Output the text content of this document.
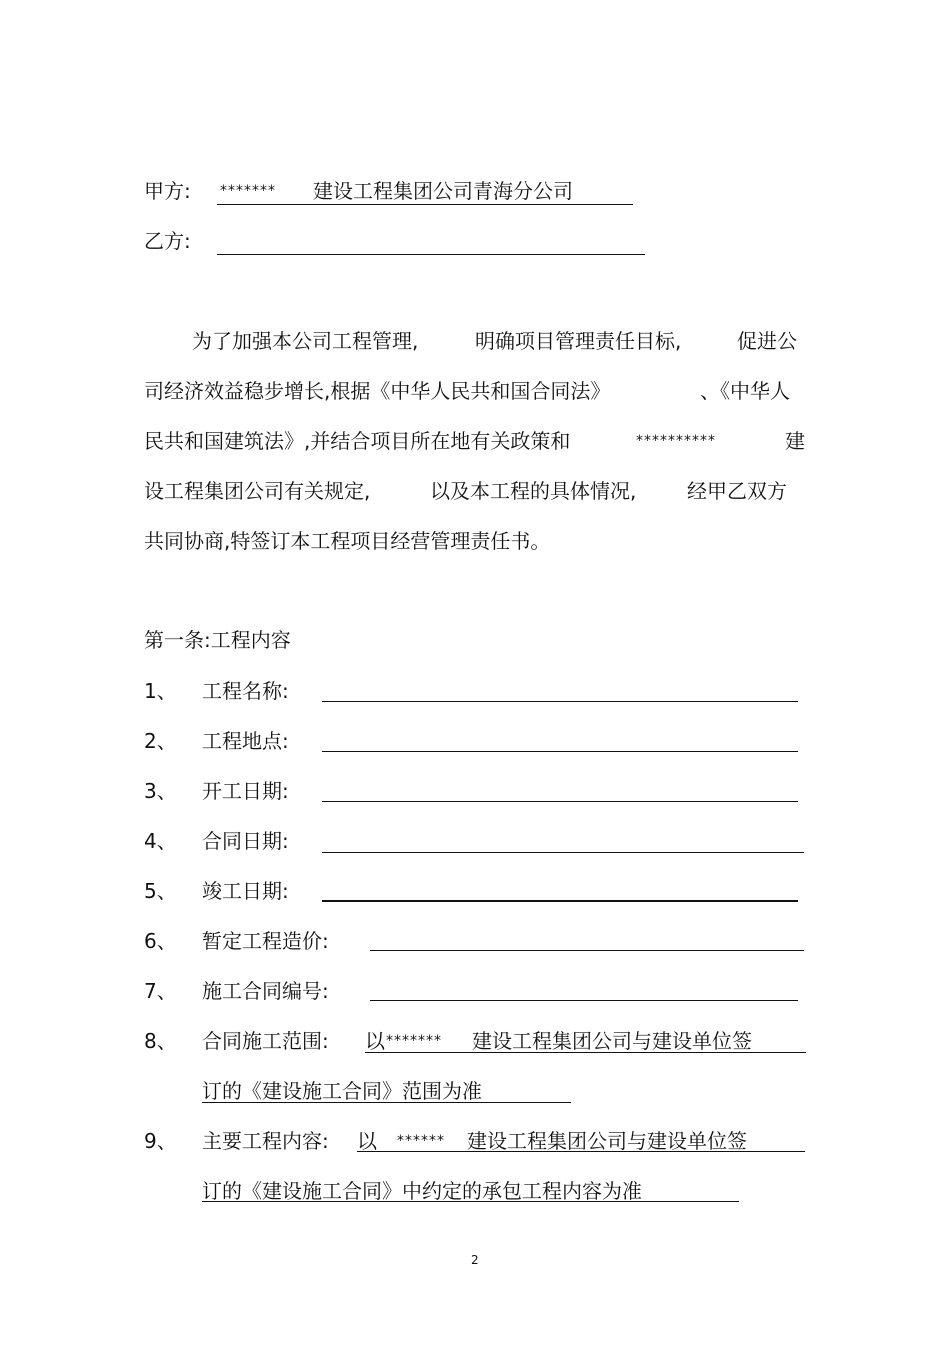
甲方: ******* 建设工程集团公司青海分公司
乙方:
为了加强本公司工程管理,	明确项目管理责任目标,	促进公
司经济效益稳步增长,根据《中华人民共和国合同法》	、《中华人
民共和国建筑法》,并结合项目所在地有关政策和	**********	建
设工程集团公司有关规定,	以及本工程的具体情况,	经甲乙双方
共同协商,特签订本工程项目经营管理责任书。
第一条:工程内容
1、 工程名称:
2、 工程地点:
3、 开工日期:
4、 合同日期:
5、 竣工日期:
6、 暂定工程造价:
7、 施工合同编号:
8、 合同施工范围: 以 ******* 建设工程集团公司与建设单位签
订的《建设施工合同》范围为准
9、 主要工程内容: 以 ****** 建设工程集团公司与建设单位签
订的《建设施工合同》中约定的承包工程内容为准
2
